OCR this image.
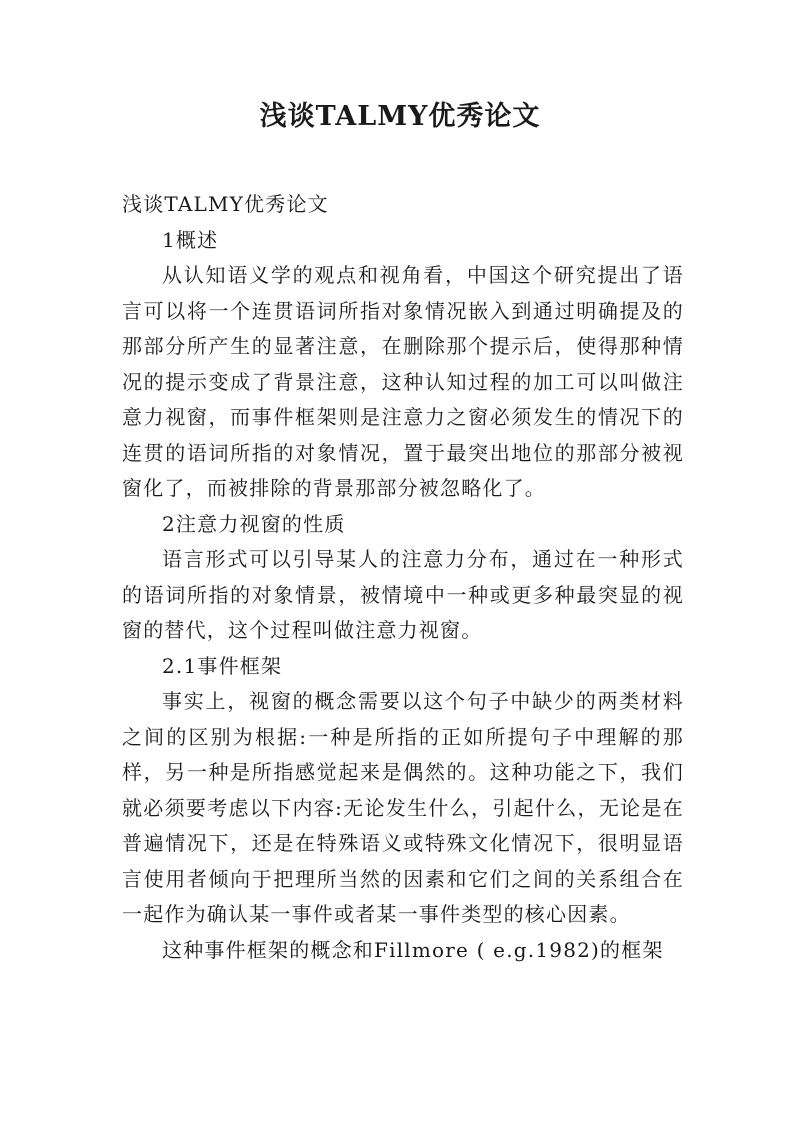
浅谈TALMY优秀论文

浅谈TALMY优秀论文

1概述

从认知语义学的观点和视角看，中国这个研究提出了语言可以将一个连贯语词所指对象情况嵌入到通过明确提及的那部分所产生的显著注意，在删除那个提示后，使得那种情况的提示变成了背景注意，这种认知过程的加工可以叫做注意力视窗，而事件框架则是注意力之窗必须发生的情况下的连贯的语词所指的对象情况，置于最突出地位的那部分被视窗化了，而被排除的背景那部分被忽略化了。

2注意力视窗的性质

语言形式可以引导某人的注意力分布，通过在一种形式的语词所指的对象情景，被情境中一种或更多种最突显的视窗的替代，这个过程叫做注意力视窗。

2.1事件框架

事实上，视窗的概念需要以这个句子中缺少的两类材料之间的区别为根据:一种是所指的正如所提句子中理解的那样，另一种是所指感觉起来是偶然的。这种功能之下，我们就必须要考虑以下内容:无论发生什么，引起什么，无论是在普遍情况下，还是在特殊语义或特殊文化情况下，很明显语言使用者倾向于把理所当然的因素和它们之间的关系组合在一起作为确认某一事件或者某一事件类型的核心因素。

这种事件框架的概念和Fillmore ( e.g.1982)的框架
